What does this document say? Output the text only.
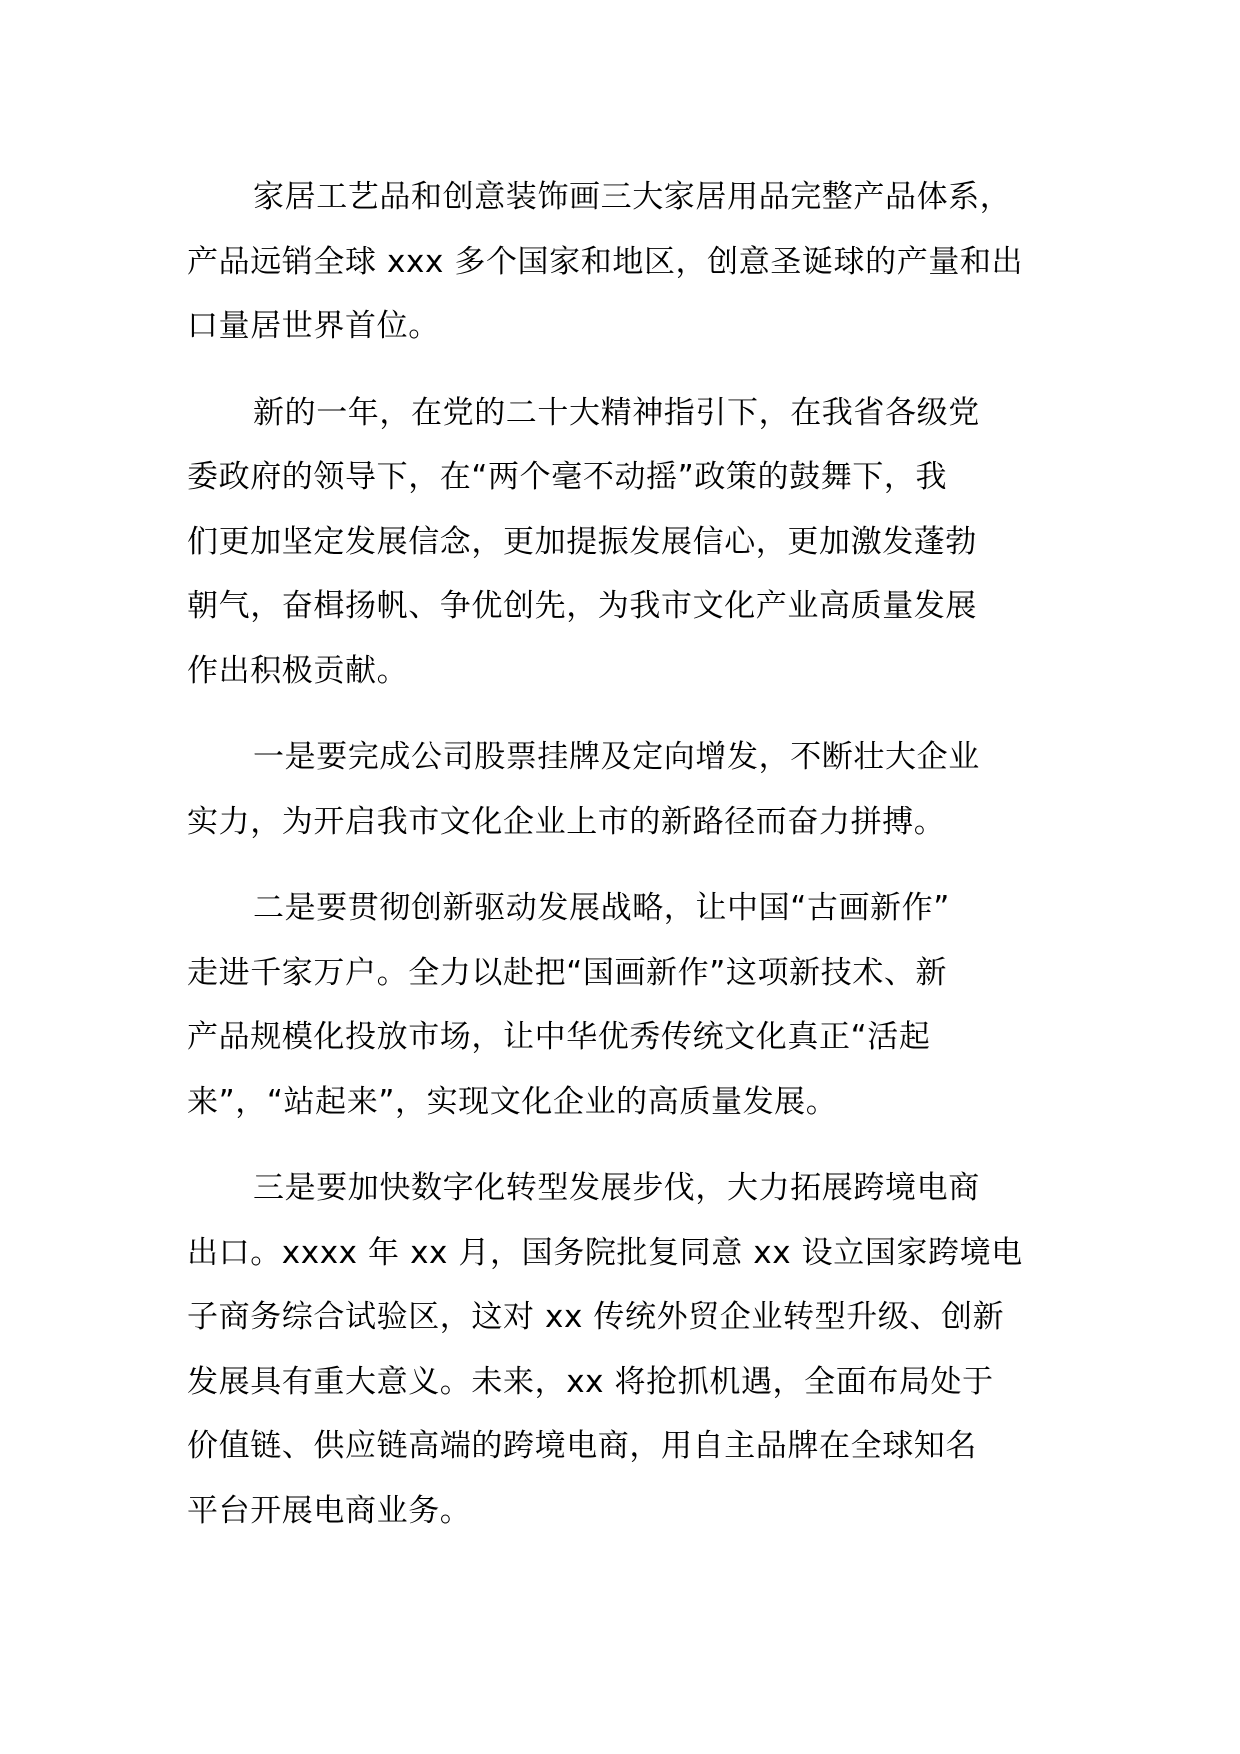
家居工艺品和创意装饰画三大家居用品完整产品体系，
产品远销全球 xxx 多个国家和地区，创意圣诞球的产量和出
口量居世界首位。

新的一年，在党的二十大精神指引下，在我省各级党
委政府的领导下，在“两个毫不动摇”政策的鼓舞下，我
们更加坚定发展信念，更加提振发展信心，更加激发蓬勃
朝气，奋楫扬帆、争优创先，为我市文化产业高质量发展
作出积极贡献。

一是要完成公司股票挂牌及定向增发，不断壮大企业
实力，为开启我市文化企业上市的新路径而奋力拼搏。

二是要贯彻创新驱动发展战略，让中国“古画新作”
走进千家万户。全力以赴把“国画新作”这项新技术、新
产品规模化投放市场，让中华优秀传统文化真正“活起
来”，“站起来”，实现文化企业的高质量发展。

三是要加快数字化转型发展步伐，大力拓展跨境电商
出口。xxxx 年 xx 月，国务院批复同意 xx 设立国家跨境电
子商务综合试验区，这对 xx 传统外贸企业转型升级、创新
发展具有重大意义。未来，xx 将抢抓机遇，全面布局处于
价值链、供应链高端的跨境电商，用自主品牌在全球知名
平台开展电商业务。
